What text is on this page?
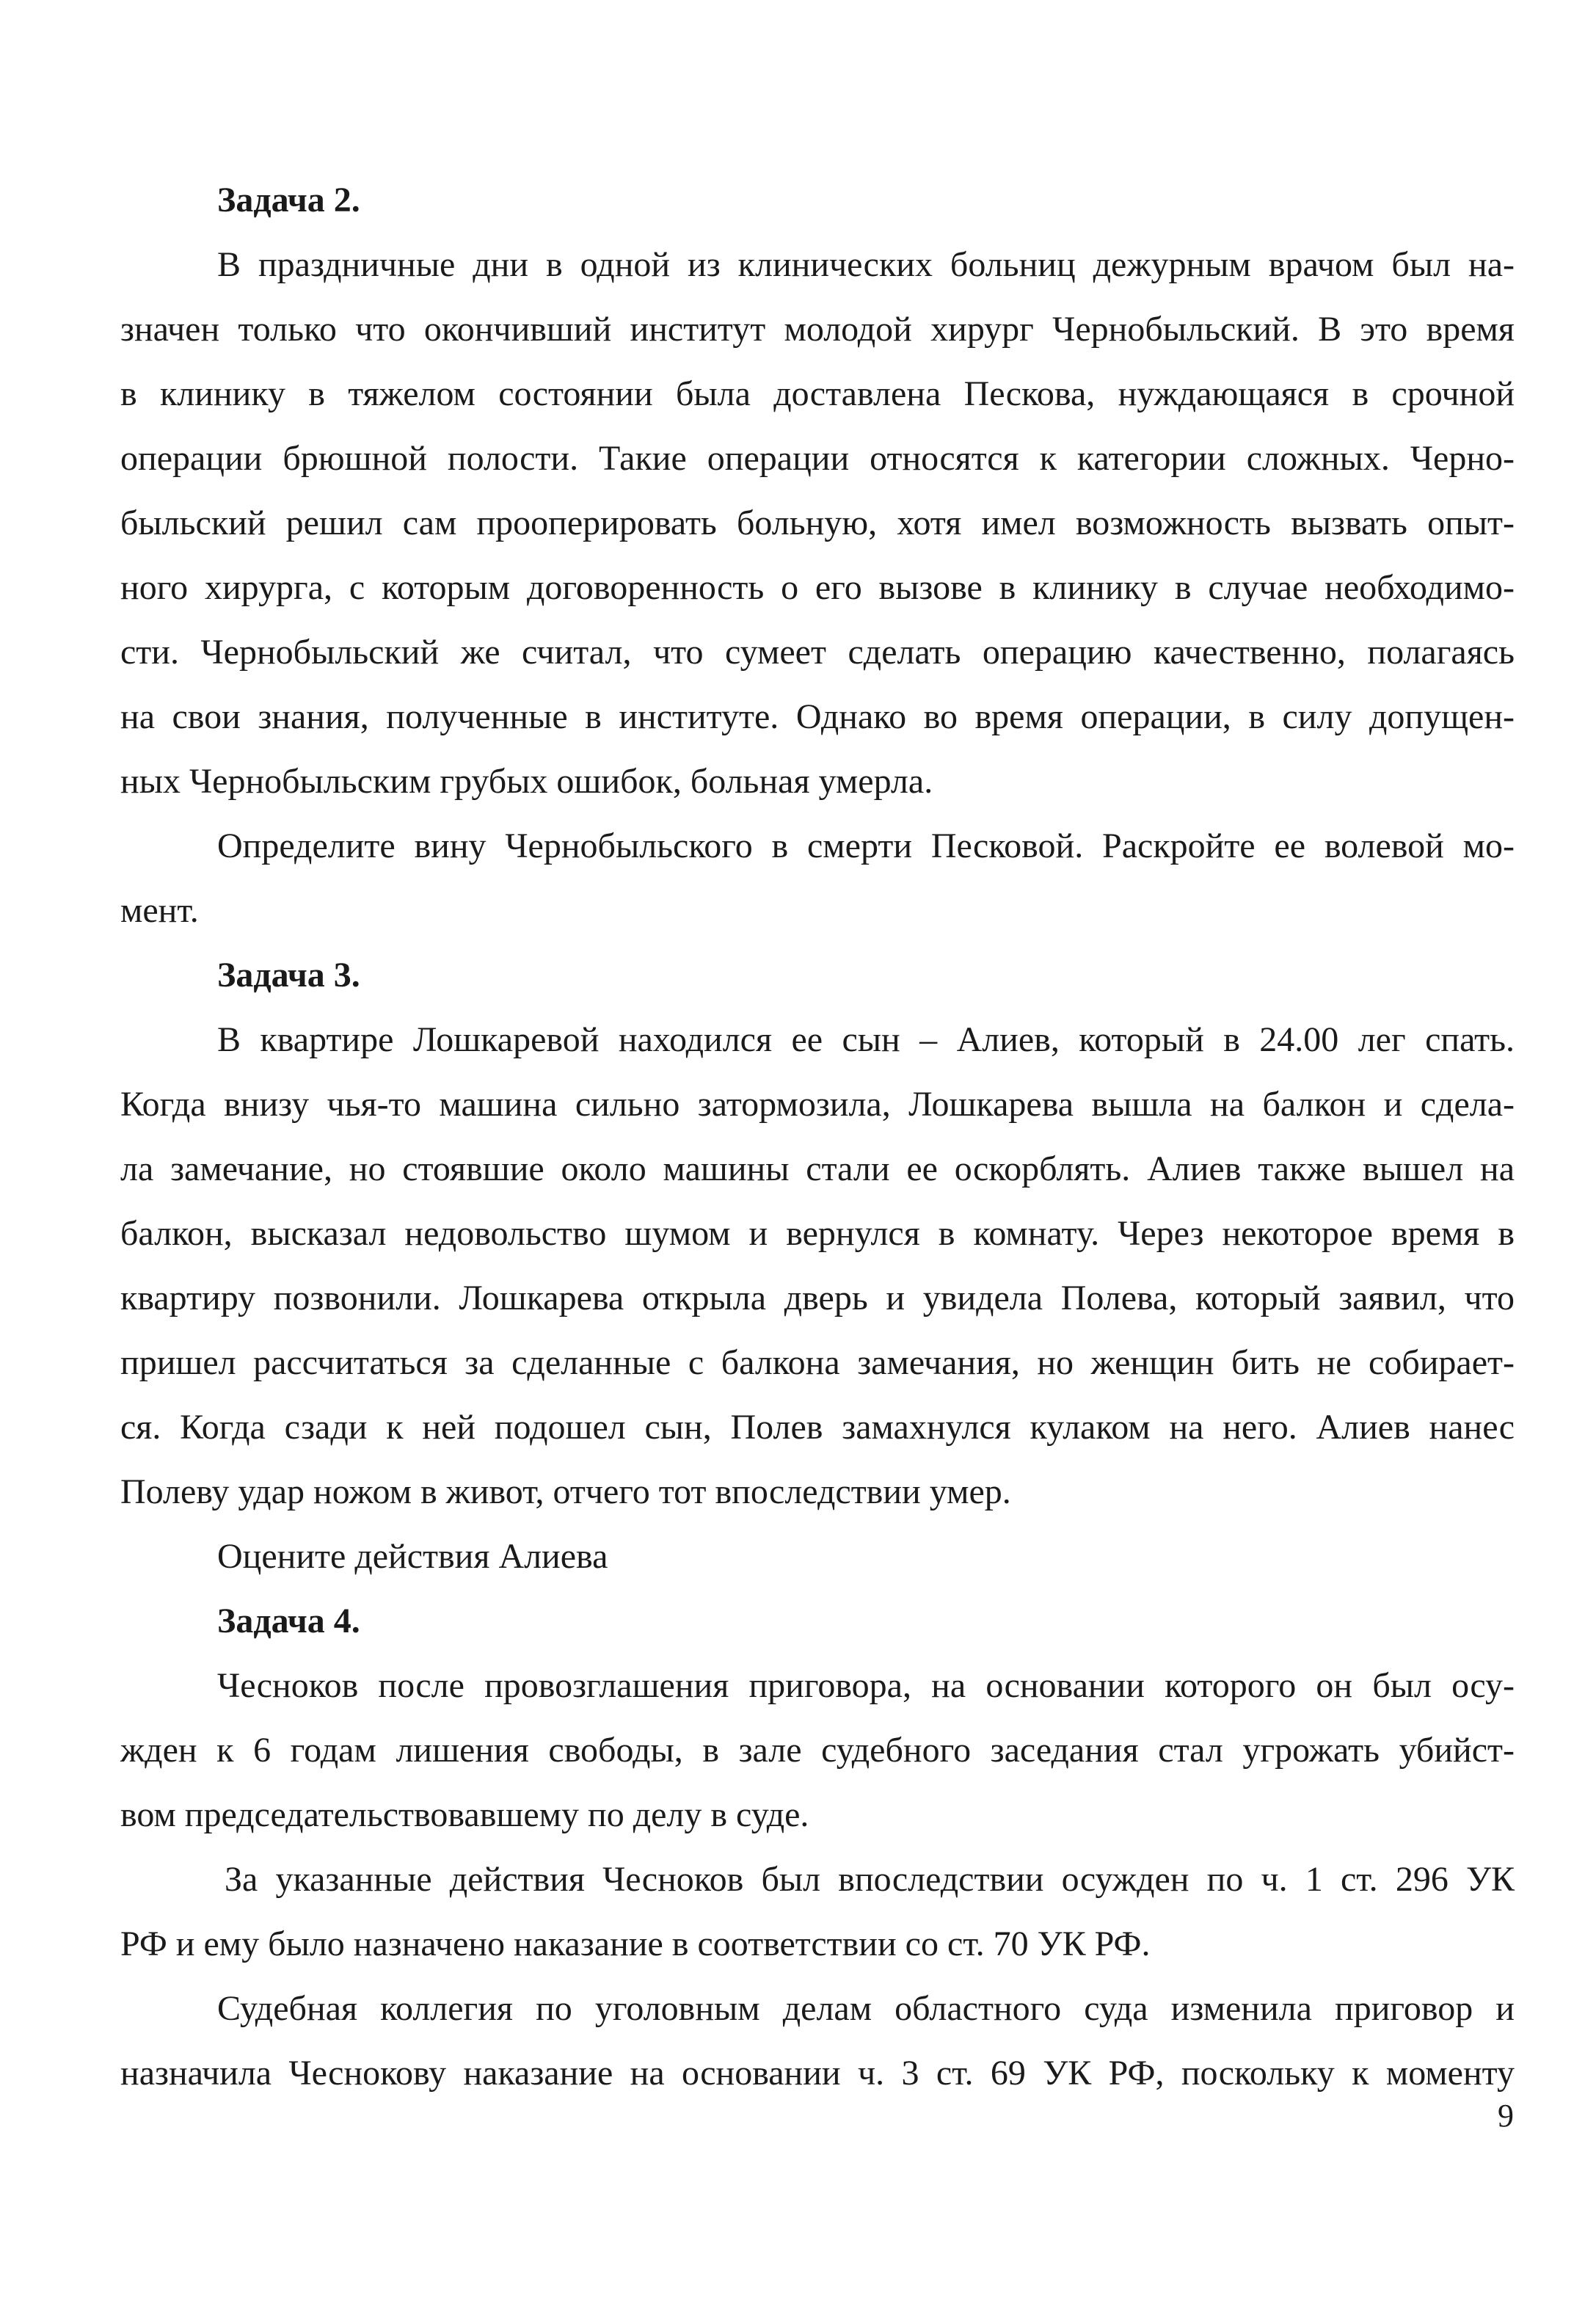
Задача 2.
В праздничные дни в одной из клинических больниц дежурным врачом был на-
значен только что окончивший институт молодой хирург Чернобыльский. В это время
в клинику в тяжелом состоянии была доставлена Пескова, нуждающаяся в срочной
операции брюшной полости. Такие операции относятся к категории сложных. Черно-
быльский решил сам прооперировать больную, хотя имел возможность вызвать опыт-
ного хирурга, с которым договоренность о его вызове в клинику в случае необходимо-
сти. Чернобыльский же считал, что сумеет сделать операцию качественно, полагаясь
на свои знания, полученные в институте. Однако во время операции, в силу допущен-
ных Чернобыльским грубых ошибок, больная умерла.
Определите вину Чернобыльского в смерти Песковой. Раскройте ее волевой мо-
мент.
Задача 3.
В квартире Лошкаревой находился ее сын – Алиев, который в 24.00 лег спать.
Когда внизу чья-то машина сильно затормозила, Лошкарева вышла на балкон и сдела-
ла замечание, но стоявшие около машины стали ее оскорблять. Алиев также вышел на
балкон, высказал недовольство шумом и вернулся в комнату. Через некоторое время в
квартиру позвонили. Лошкарева открыла дверь и увидела Полева, который заявил, что
пришел рассчитаться за сделанные с балкона замечания, но женщин бить не собирает-
ся. Когда сзади к ней подошел сын, Полев замахнулся кулаком на него. Алиев нанес
Полеву удар ножом в живот, отчего тот впоследствии умер.
Оцените действия Алиева
Задача 4.
Чесноков после провозглашения приговора, на основании которого он был осу-
жден к 6 годам лишения свободы, в зале судебного заседания стал угрожать убийст-
вом председательствовавшему по делу в суде.
За указанные действия Чесноков был впоследствии осужден по ч. 1 ст. 296 УК
РФ и ему было назначено наказание в соответствии со ст. 70 УК РФ.
Судебная коллегия по уголовным делам областного суда изменила приговор и
назначила Чеснокову наказание на основании ч. 3 ст. 69 УК РФ, поскольку к моменту
9
